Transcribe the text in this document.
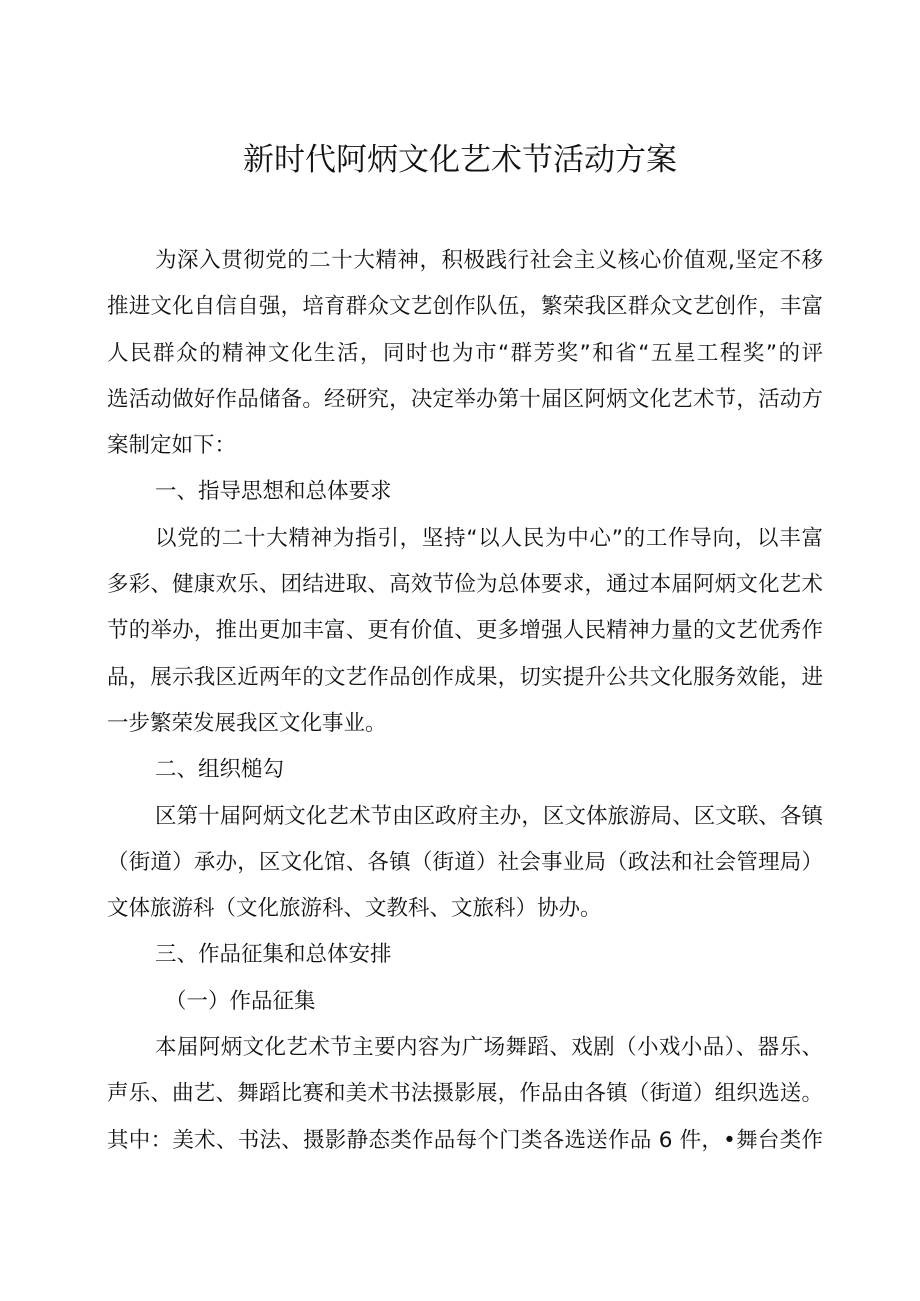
新时代阿炳文化艺术节活动方案
为深入贯彻党的二十大精神，积极践行社会主义核心价值观,坚定不移
推进文化自信自强，培育群众文艺创作队伍，繁荣我区群众文艺创作，丰富
人民群众的精神文化生活，同时也为市“群芳奖”和省“五星工程奖”的评
选活动做好作品储备。经研究，决定举办第十届区阿炳文化艺术节，活动方
案制定如下：
一、指导思想和总体要求
以党的二十大精神为指引，坚持“以人民为中心”的工作导向，以丰富
多彩、健康欢乐、团结进取、高效节俭为总体要求，通过本届阿炳文化艺术
节的举办，推出更加丰富、更有价值、更多增强人民精神力量的文艺优秀作
品，展示我区近两年的文艺作品创作成果，切实提升公共文化服务效能，进
一步繁荣发展我区文化事业。
二、组织槌勾
区第十届阿炳文化艺术节由区政府主办，区文体旅游局、区文联、各镇
（街道）承办，区文化馆、各镇（街道）社会事业局（政法和社会管理局）
文体旅游科（文化旅游科、文教科、文旅科）协办。
三、作品征集和总体安排
（一）作品征集
本届阿炳文化艺术节主要内容为广场舞蹈、戏剧（小戏小品）、器乐、
声乐、曲艺、舞蹈比赛和美术书法摄影展，作品由各镇（街道）组织选送。
其中：美术、书法、摄影静态类作品每个门类各选送作品 6 件，•舞台类作
